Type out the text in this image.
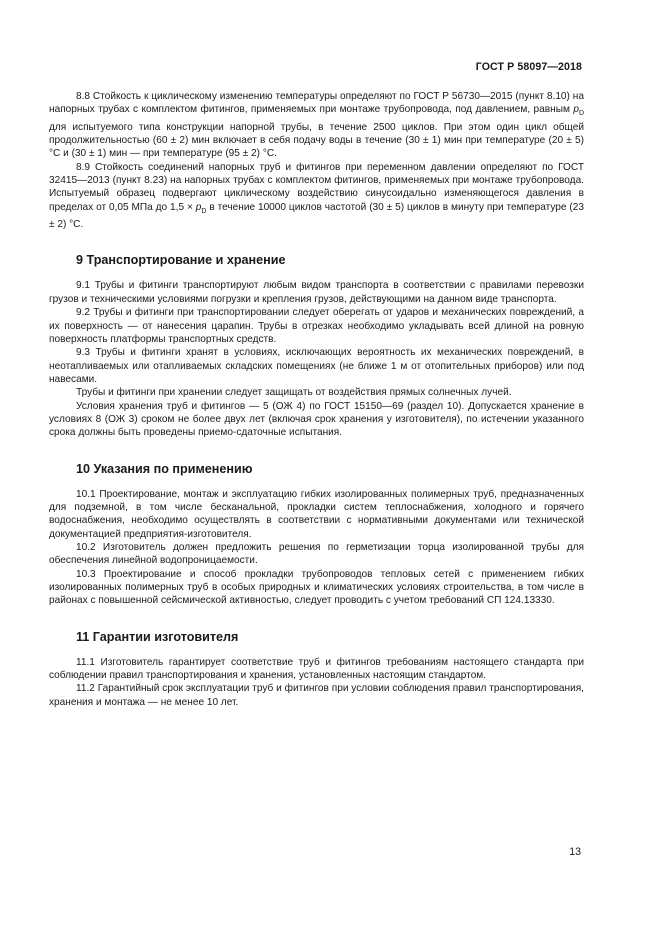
ГОСТ Р 58097—2018

8.8 Стойкость к циклическому изменению температуры определяют по ГОСТ Р 56730—2015 (пункт 8.10) на напорных трубах с комплектом фитингов, применяемых при монтаже трубопровода, под давлением, равным $p_D$ для испытуемого типа конструкции напорной трубы, в течение 2500 циклов. При этом один цикл общей продолжительностью (60 ± 2) мин включает в себя подачу воды в течение (30 ± 1) мин при температуре (20 ± 5) °С и (30 ± 1) мин — при температуре (95 ± 2) °С.

8.9 Стойкость соединений напорных труб и фитингов при переменном давлении определяют по ГОСТ 32415—2013 (пункт 8.23) на напорных трубах с комплектом фитингов, применяемых при монтаже трубопровода. Испытуемый образец подвергают циклическому воздействию синусоидально изменяющегося давления в пределах от 0,05 МПа до $1,5 \times p_D$ в течение 10000 циклов частотой (30 ± 5) циклов в минуту при температуре (23 ± 2) °С.

9 Транспортирование и хранение

9.1 Трубы и фитинги транспортируют любым видом транспорта в соответствии с правилами перевозки грузов и техническими условиями погрузки и крепления грузов, действующими на данном виде транспорта.

9.2 Трубы и фитинги при транспортировании следует оберегать от ударов и механических повреждений, а их поверхность — от нанесения царапин. Трубы в отрезках необходимо укладывать всей длиной на ровную поверхность платформы транспортных средств.

9.3 Трубы и фитинги хранят в условиях, исключающих вероятность их механических повреждений, в неотапливаемых или отапливаемых складских помещениях (не ближе 1 м от отопительных приборов) или под навесами.

Трубы и фитинги при хранении следует защищать от воздействия прямых солнечных лучей.

Условия хранения труб и фитингов — 5 (ОЖ 4) по ГОСТ 15150—69 (раздел 10). Допускается хранение в условиях 8 (ОЖ 3) сроком не более двух лет (включая срок хранения у изготовителя), по истечении указанного срока должны быть проведены приемо-сдаточные испытания.

10 Указания по применению

10.1 Проектирование, монтаж и эксплуатацию гибких изолированных полимерных труб, предназначенных для подземной, в том числе бесканальной, прокладки систем теплоснабжения, холодного и горячего водоснабжения, необходимо осуществлять в соответствии с нормативными документами или технической документацией предприятия-изготовителя.

10.2 Изготовитель должен предложить решения по герметизации торца изолированной трубы для обеспечения линейной водопроницаемости.

10.3 Проектирование и способ прокладки трубопроводов тепловых сетей с применением гибких изолированных полимерных труб в особых природных и климатических условиях строительства, в том числе в районах с повышенной сейсмической активностью, следует проводить с учетом требований СП 124.13330.

11 Гарантии изготовителя

11.1 Изготовитель гарантирует соответствие труб и фитингов требованиям настоящего стандарта при соблюдении правил транспортирования и хранения, установленных настоящим стандартом.

11.2 Гарантийный срок эксплуатации труб и фитингов при условии соблюдения правил транспортирования, хранения и монтажа — не менее 10 лет.

13
